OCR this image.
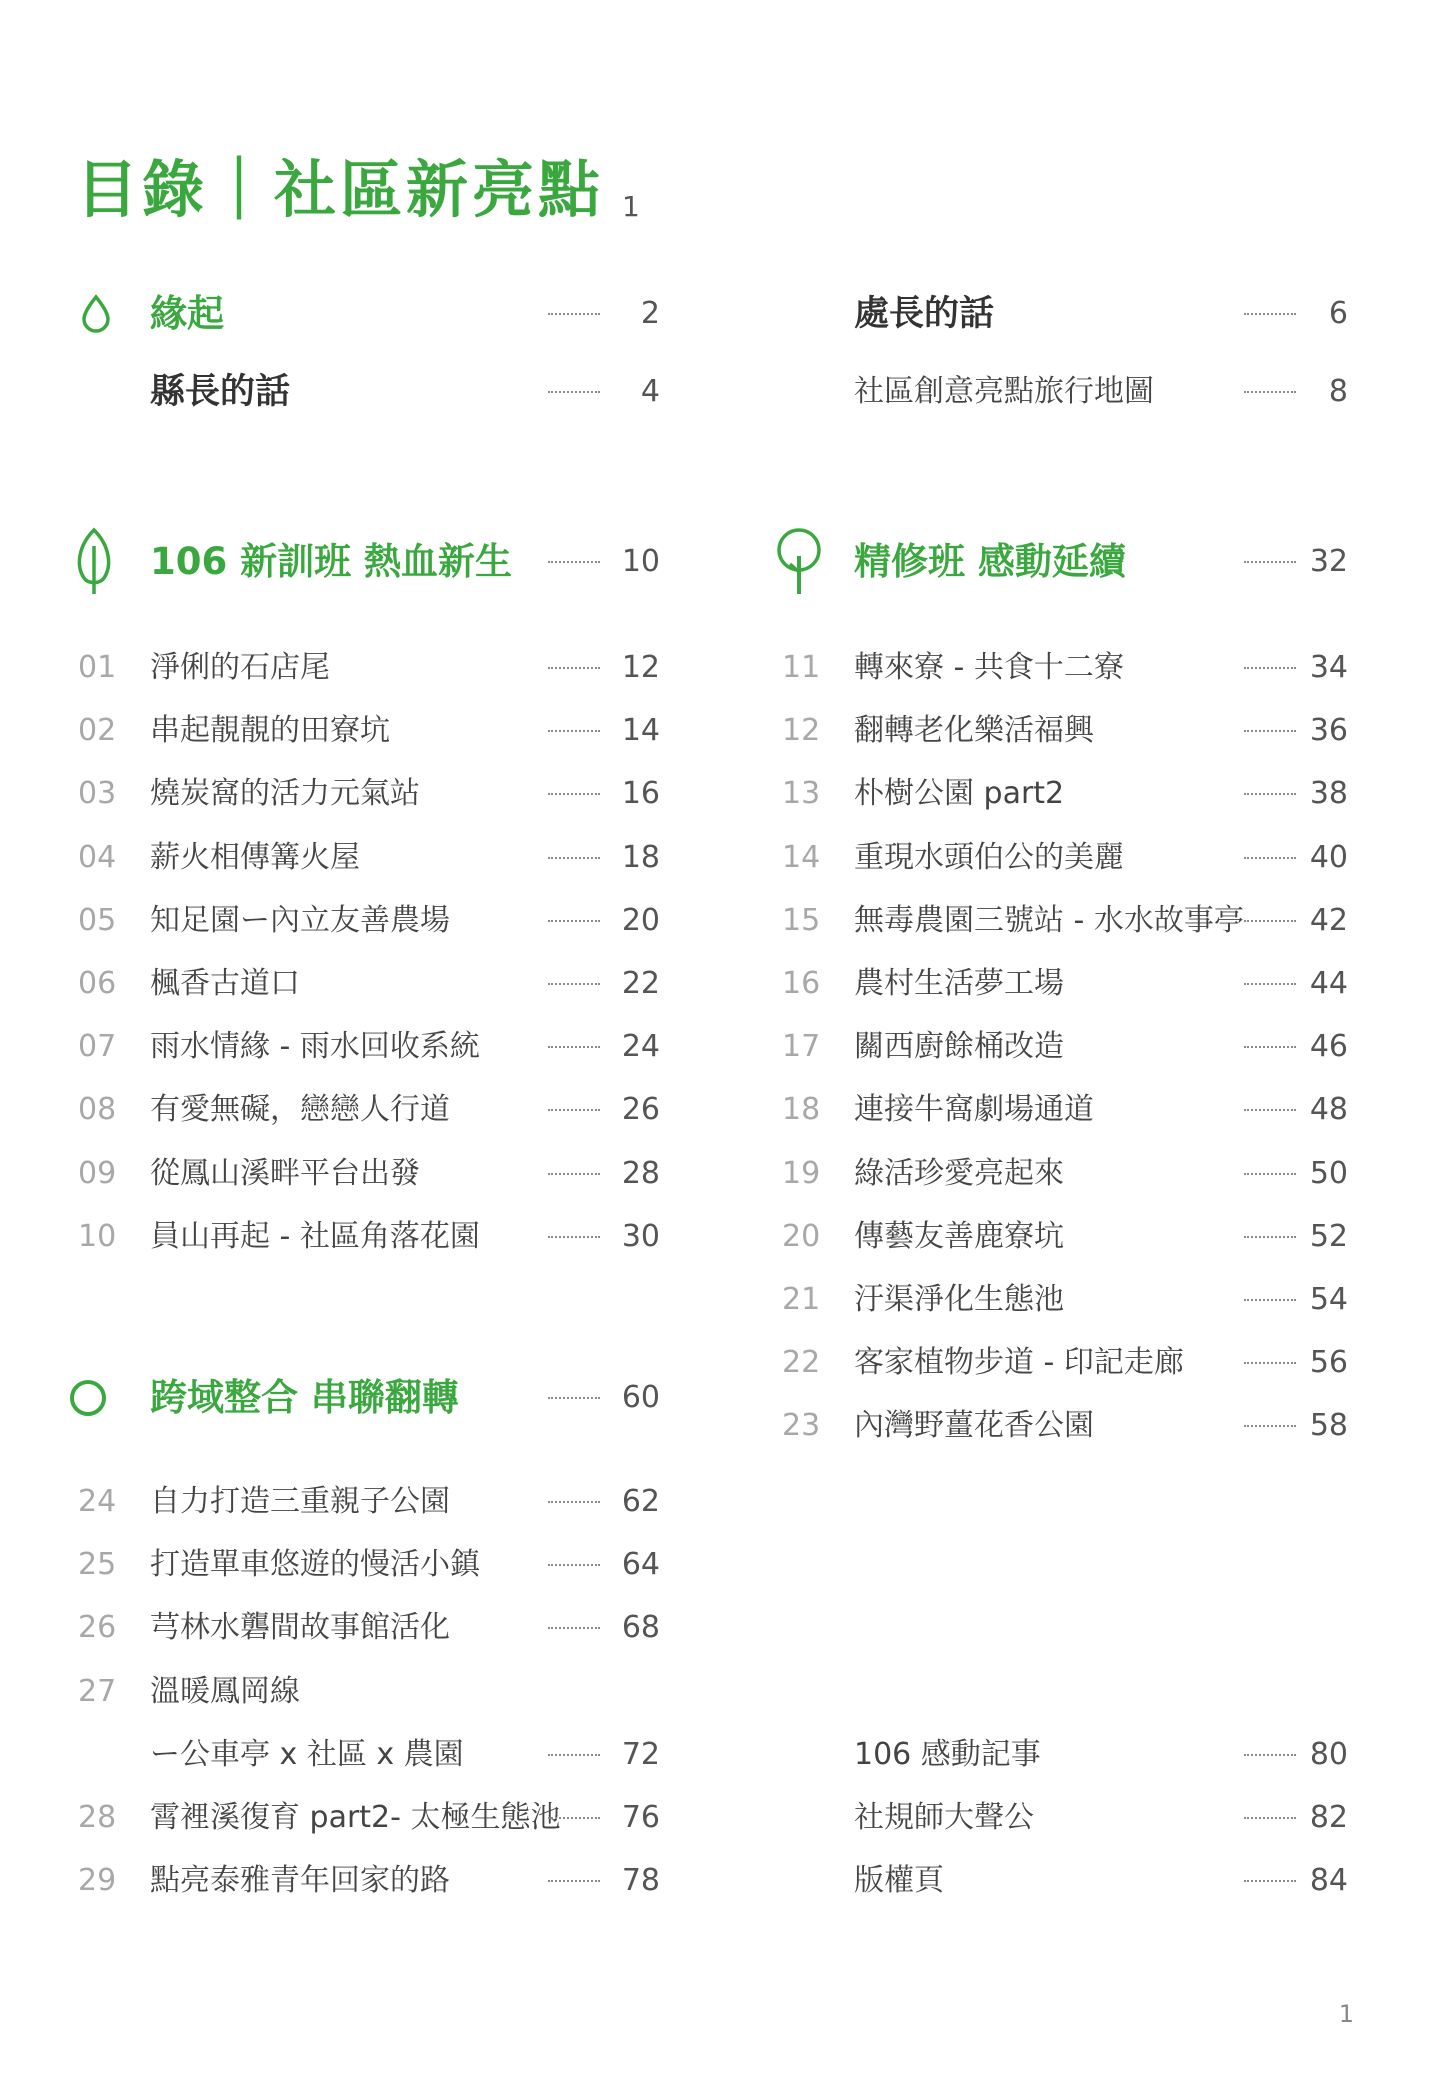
目錄｜社區新亮點 1
緣起	2
縣長的話	4
處長的話	6
社區創意亮點旅行地圖	8
106 新訓班 熱血新生	10
01	淨俐的石店尾	12
02	串起靚靚的田寮坑	14
03	燒炭窩的活力元氣站	16
04	薪火相傳篝火屋	18
05	知足園ー內立友善農場	20
06	楓香古道口	22
07	雨水情緣 - 雨水回收系統	24
08	有愛無礙，戀戀人行道	26
09	從鳳山溪畔平台出發	28
10	員山再起 - 社區角落花園	30
精修班 感動延續	32
11	轉來寮 - 共食十二寮	34
12	翻轉老化樂活福興	36
13	朴樹公園 part2	38
14	重現水頭伯公的美麗	40
15	無毒農園三號站 - 水水故事亭	42
16	農村生活夢工場	44
17	關西廚餘桶改造	46
18	連接牛窩劇場通道	48
19	綠活珍愛亮起來	50
20	傳藝友善鹿寮坑	52
21	汙渠淨化生態池	54
22	客家植物步道 - 印記走廊	56
23	內灣野薑花香公園	58
跨域整合 串聯翻轉	60
24	自力打造三重親子公園	62
25	打造單車悠遊的慢活小鎮	64
26	芎林水礱間故事館活化	68
27	溫暖鳳岡線
ー公車亭 x 社區 x 農園	72
28	霄裡溪復育 part2- 太極生態池	76
29	點亮泰雅青年回家的路	78
106 感動記事	80
社規師大聲公	82
版權頁	84
1
